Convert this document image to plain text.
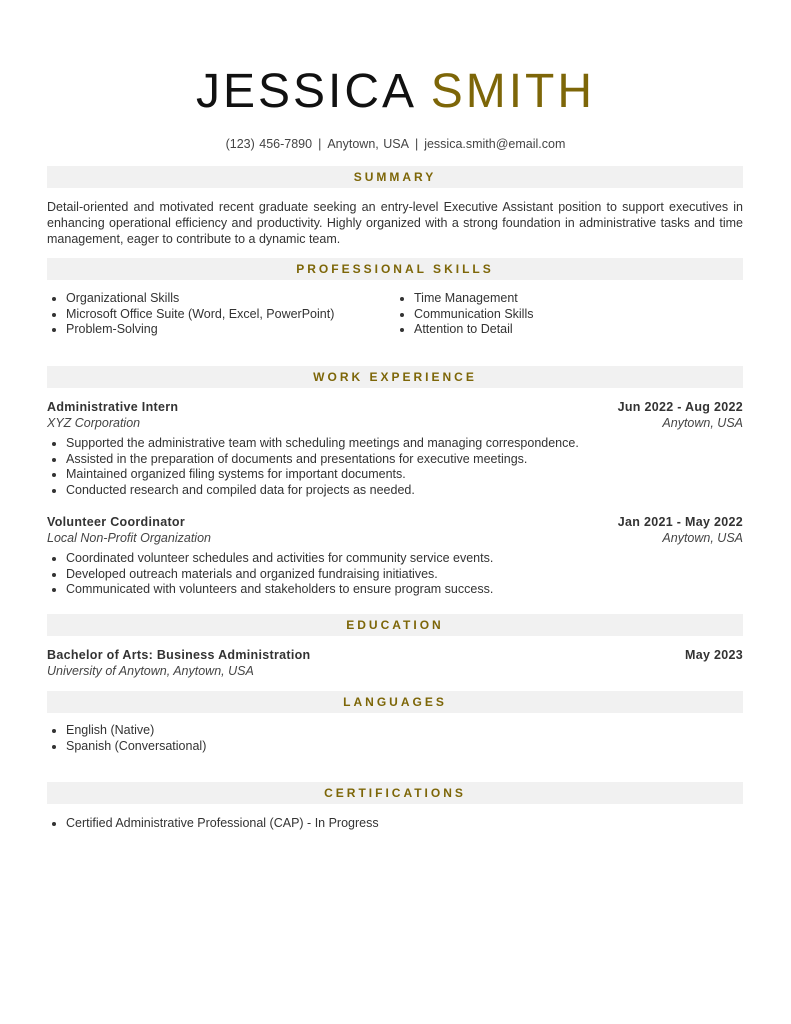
JESSICA SMITH
(123) 456-7890 | Anytown, USA | jessica.smith@email.com
SUMMARY
Detail-oriented and motivated recent graduate seeking an entry-level Executive Assistant position to support executives in enhancing operational efficiency and productivity. Highly organized with a strong foundation in administrative tasks and time management, eager to contribute to a dynamic team.
PROFESSIONAL SKILLS
• Organizational Skills
• Microsoft Office Suite (Word, Excel, PowerPoint)
• Problem-Solving
• Time Management
• Communication Skills
• Attention to Detail
WORK EXPERIENCE
Administrative Intern	Jun 2022 - Aug 2022
XYZ Corporation	Anytown, USA
• Supported the administrative team with scheduling meetings and managing correspondence.
• Assisted in the preparation of documents and presentations for executive meetings.
• Maintained organized filing systems for important documents.
• Conducted research and compiled data for projects as needed.
Volunteer Coordinator	Jan 2021 - May 2022
Local Non-Profit Organization	Anytown, USA
• Coordinated volunteer schedules and activities for community service events.
• Developed outreach materials and organized fundraising initiatives.
• Communicated with volunteers and stakeholders to ensure program success.
EDUCATION
Bachelor of Arts: Business Administration	May 2023
University of Anytown, Anytown, USA
LANGUAGES
• English (Native)
• Spanish (Conversational)
CERTIFICATIONS
• Certified Administrative Professional (CAP) - In Progress
